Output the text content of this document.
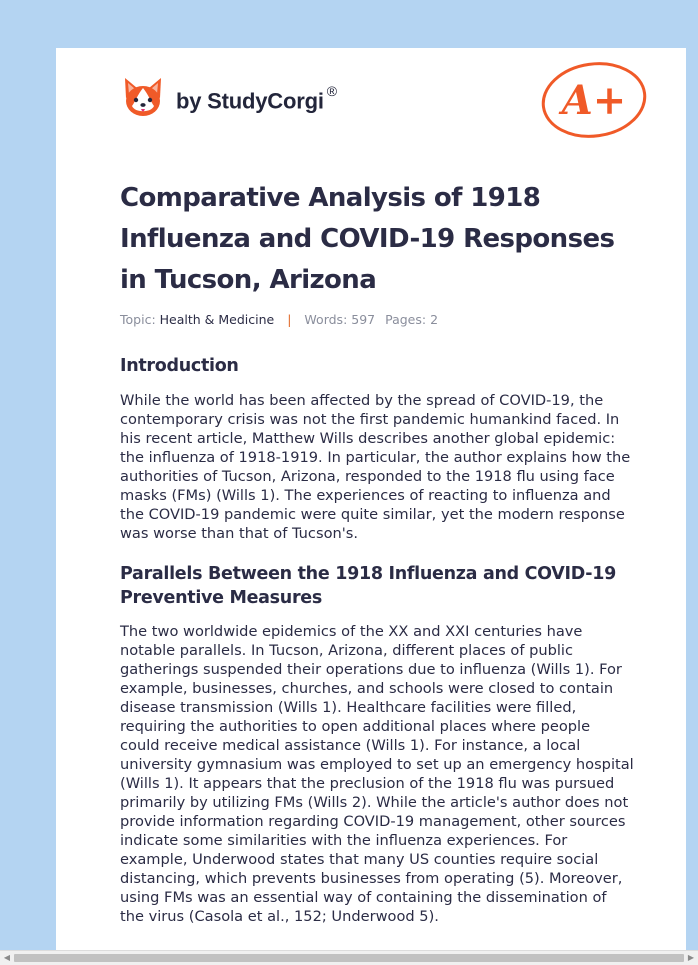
by StudyCorgi ®	A+
Comparative Analysis of 1918 Influenza and COVID-19 Responses in Tucson, Arizona
Topic: Health & Medicine | Words: 597 Pages: 2
Introduction

While the world has been affected by the spread of COVID-19, the contemporary crisis was not the first pandemic humankind faced. In his recent article, Matthew Wills describes another global epidemic: the influenza of 1918-1919. In particular, the author explains how the authorities of Tucson, Arizona, responded to the 1918 flu using face masks (FMs) (Wills 1). The experiences of reacting to influenza and the COVID-19 pandemic were quite similar, yet the modern response was worse than that of Tucson's.

Parallels Between the 1918 Influenza and COVID-19 Preventive Measures

The two worldwide epidemics of the XX and XXI centuries have notable parallels. In Tucson, Arizona, different places of public gatherings suspended their operations due to influenza (Wills 1). For example, businesses, churches, and schools were closed to contain disease transmission (Wills 1). Healthcare facilities were filled, requiring the authorities to open additional places where people could receive medical assistance (Wills 1). For instance, a local university gymnasium was employed to set up an emergency hospital (Wills 1). It appears that the preclusion of the 1918 flu was pursued primarily by utilizing FMs (Wills 2). While the article's author does not provide information regarding COVID-19 management, other sources indicate some similarities with the influenza experiences. For example, Underwood states that many US counties require social distancing, which prevents businesses from operating (5). Moreover, using FMs was an essential way of containing the dissemination of the virus (Casola et al., 152; Underwood 5).

◀	▶
